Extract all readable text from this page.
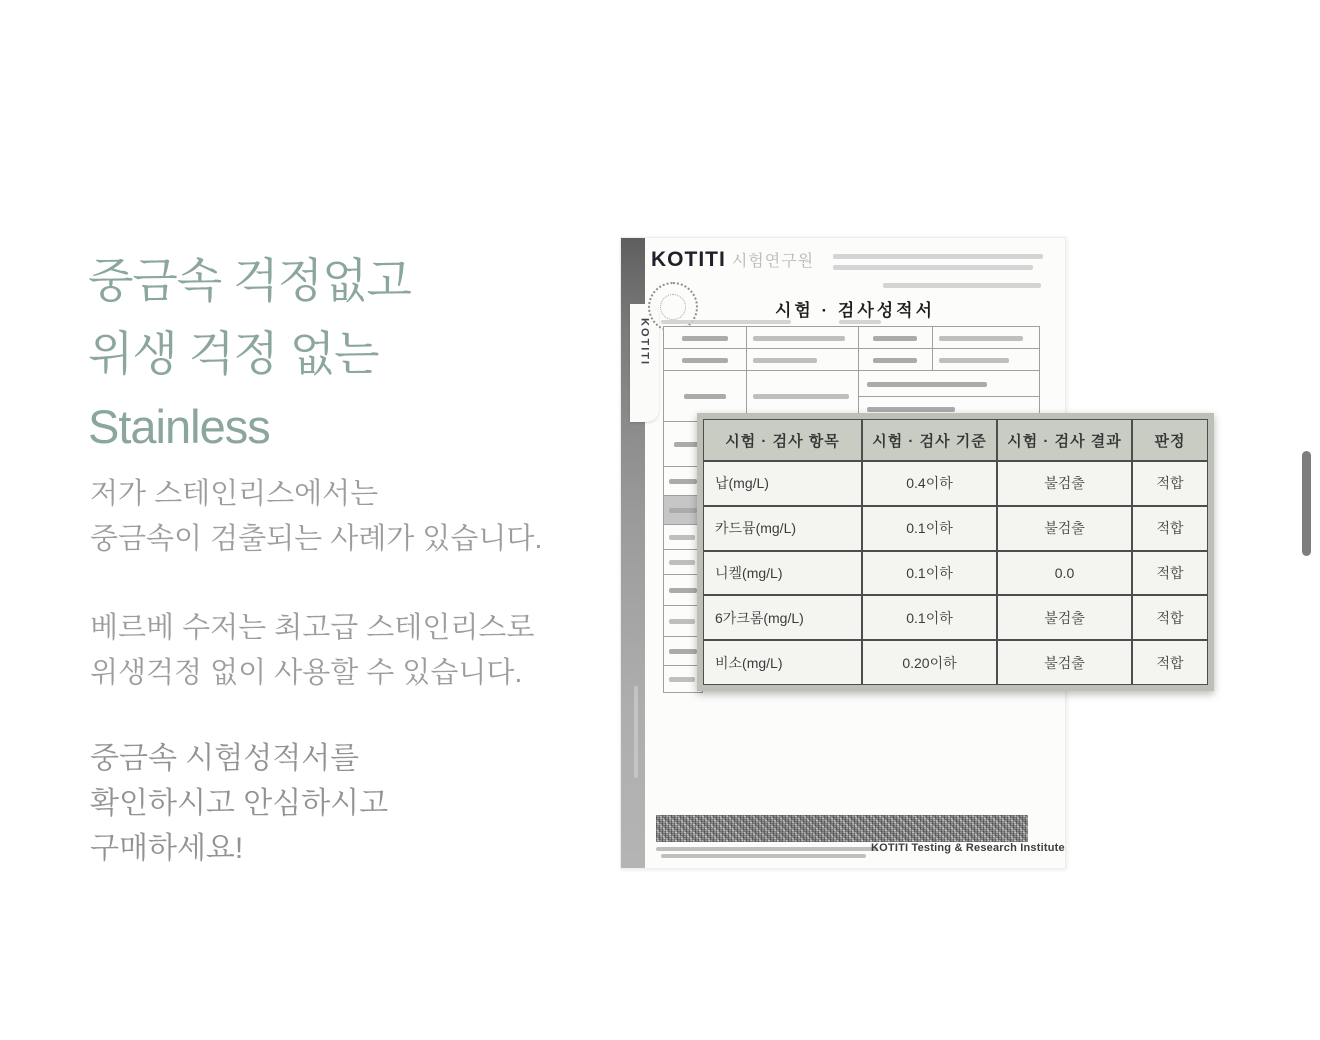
중금속 걱정없고
위생 걱정 없는
Stainless
저가 스테인리스에서는
중금속이 검출되는 사례가 있습니다.
베르베 수저는 최고급 스테인리스로
위생걱정 없이 사용할 수 있습니다.
중금속 시험성적서를
확인하시고 안심하시고
구매하세요!
KOTITI
KOTITI 시험연구원
시험 · 검사성적서
KOTITI Testing & Research Institute
시험 · 검사 항목	시험 · 검사 기준	시험 · 검사 결과	판정
납(mg/L)	0.4이하	불검출	적합
카드뮴(mg/L)	0.1이하	불검출	적합
니켈(mg/L)	0.1이하	0.0	적합
6가크롬(mg/L)	0.1이하	불검출	적합
비소(mg/L)	0.20이하	불검출	적합
